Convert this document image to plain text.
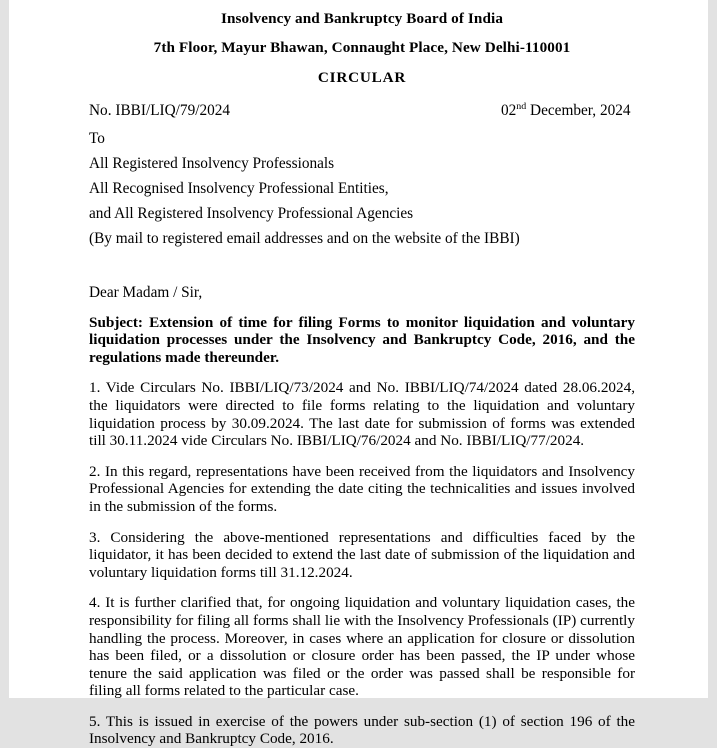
Insolvency and Bankruptcy Board of India
7th Floor, Mayur Bhawan, Connaught Place, New Delhi-110001
CIRCULAR
No. IBBI/LIQ/79/2024	02nd December, 2024
To
All Registered Insolvency Professionals
All Recognised Insolvency Professional Entities,
and All Registered Insolvency Professional Agencies
(By mail to registered email addresses and on the website of the IBBI)
Dear Madam / Sir,
Subject: Extension of time for filing Forms to monitor liquidation and voluntary liquidation processes under the Insolvency and Bankruptcy Code, 2016, and the regulations made thereunder.
1. Vide Circulars No. IBBI/LIQ/73/2024 and No. IBBI/LIQ/74/2024 dated 28.06.2024, the liquidators were directed to file forms relating to the liquidation and voluntary liquidation process by 30.09.2024. The last date for submission of forms was extended till 30.11.2024 vide Circulars No. IBBI/LIQ/76/2024 and No. IBBI/LIQ/77/2024.
2. In this regard, representations have been received from the liquidators and Insolvency Professional Agencies for extending the date citing the technicalities and issues involved in the submission of the forms.
3. Considering the above-mentioned representations and difficulties faced by the liquidator, it has been decided to extend the last date of submission of the liquidation and voluntary liquidation forms till 31.12.2024.
4. It is further clarified that, for ongoing liquidation and voluntary liquidation cases, the responsibility for filing all forms shall lie with the Insolvency Professionals (IP) currently handling the process. Moreover, in cases where an application for closure or dissolution has been filed, or a dissolution or closure order has been passed, the IP under whose tenure the said application was filed or the order was passed shall be responsible for filing all forms related to the particular case.
5. This is issued in exercise of the powers under sub-section (1) of section 196 of the Insolvency and Bankruptcy Code, 2016.
